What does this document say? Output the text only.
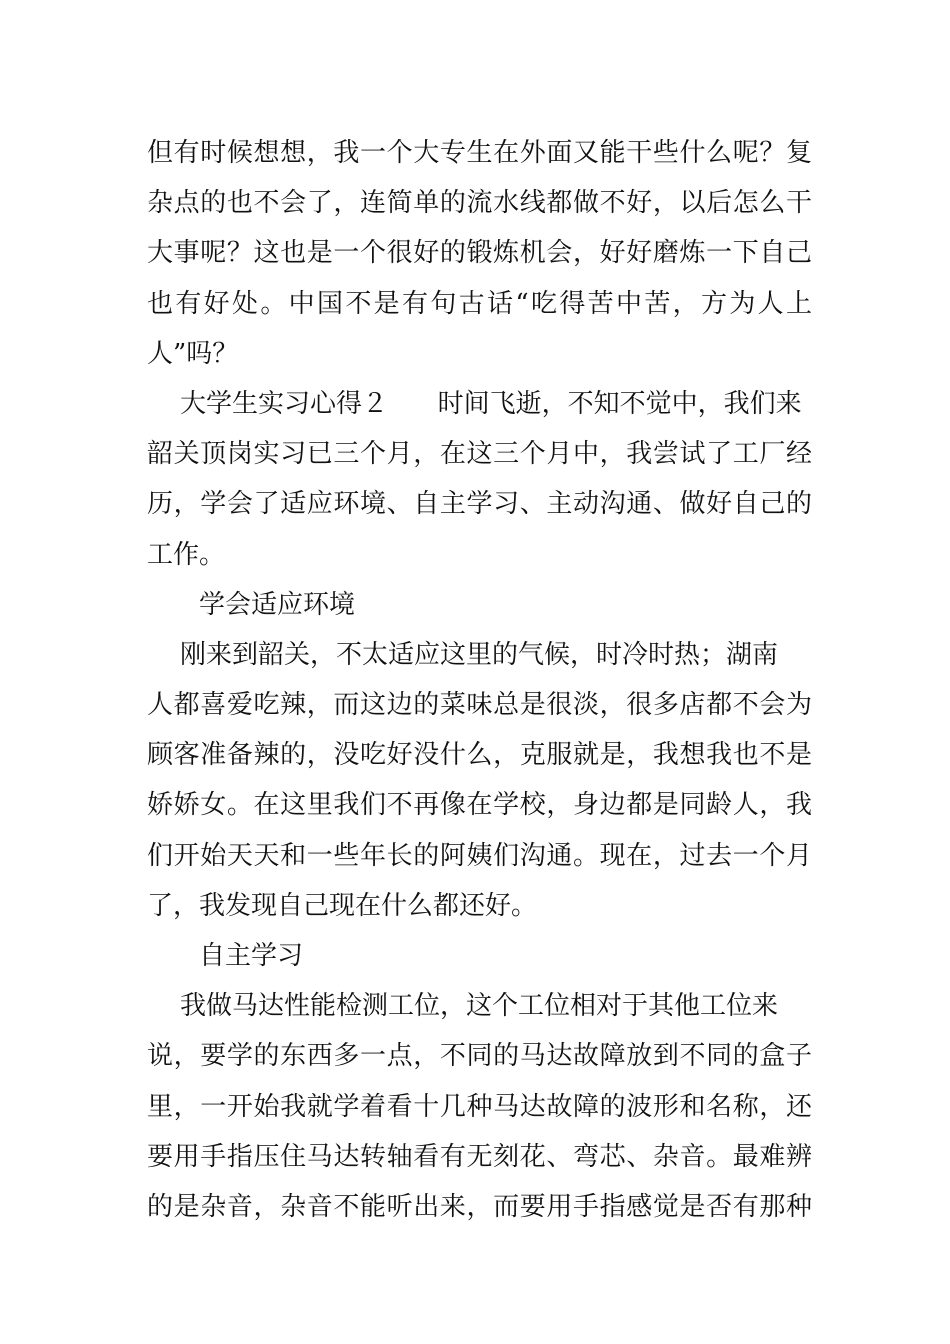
但有时候想想，我一个大专生在外面又能干些什么呢？复
杂点的也不会了，连简单的流水线都做不好，以后怎么干
大事呢？这也是一个很好的锻炼机会，好好磨炼一下自己
也有好处。中国不是有句古话“吃得苦中苦，方为人上
人”吗？
大学生实习心得２      时间飞逝，不知不觉中，我们来
韶关顶岗实习已三个月，在这三个月中，我尝试了工厂经
历，学会了适应环境、自主学习、主动沟通、做好自己的
工作。
学会适应环境
刚来到韶关，不太适应这里的气候，时冷时热；湖南
人都喜爱吃辣，而这边的菜味总是很淡，很多店都不会为
顾客准备辣的，没吃好没什么，克服就是，我想我也不是
娇娇女。在这里我们不再像在学校，身边都是同龄人，我
们开始天天和一些年长的阿姨们沟通。现在，过去一个月
了，我发现自己现在什么都还好。
自主学习
我做马达性能检测工位，这个工位相对于其他工位来
说，要学的东西多一点，不同的马达故障放到不同的盒子
里，一开始我就学着看十几种马达故障的波形和名称，还
要用手指压住马达转轴看有无刻花、弯芯、杂音。最难辨
的是杂音，杂音不能听出来，而要用手指感觉是否有那种
